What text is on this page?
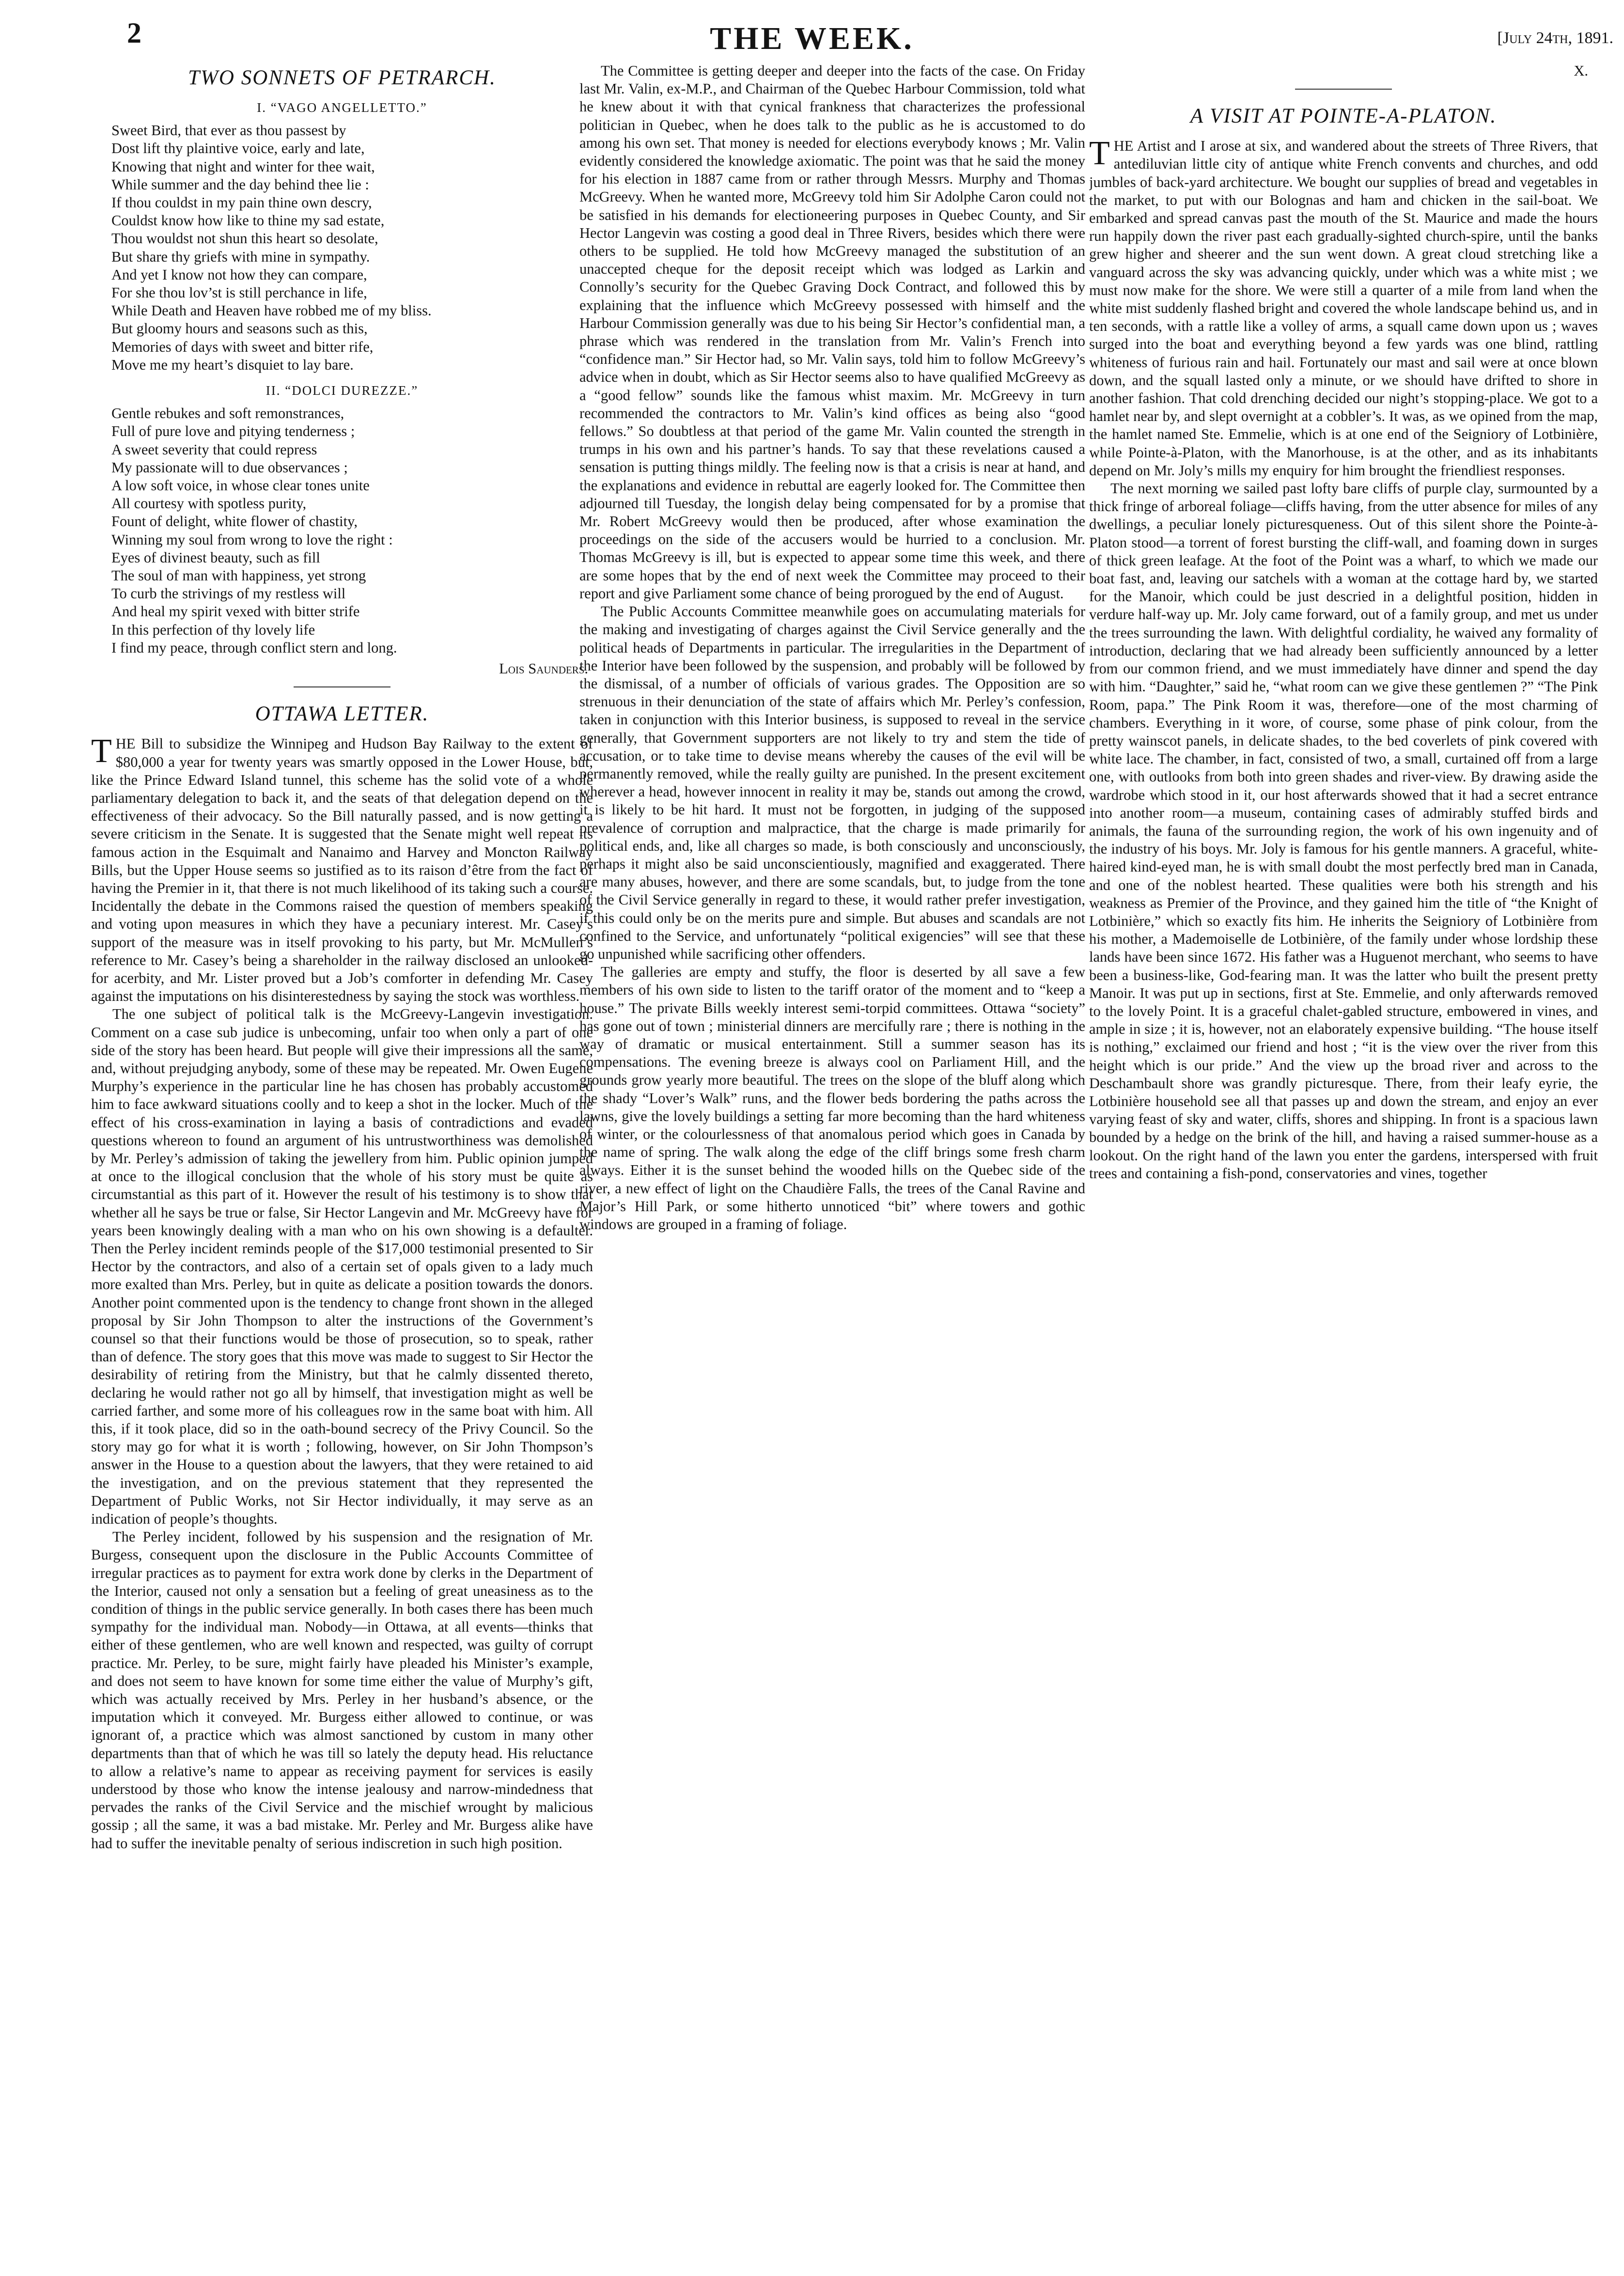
2	THE WEEK.	[July 24th, 1891.
TWO SONNETS OF PETRARCH.
I. “VAGO ANGELLETTO.”
Sweet Bird, that ever as thou passest by
Dost lift thy plaintive voice, early and late,
Knowing that night and winter for thee wait,
While summer and the day behind thee lie :
If thou couldst in my pain thine own descry,
Couldst know how like to thine my sad estate,
Thou wouldst not shun this heart so desolate,
But share thy griefs with mine in sympathy.
And yet I know not how they can compare,
For she thou lov’st is still perchance in life,
While Death and Heaven have robbed me of my bliss.
But gloomy hours and seasons such as this,
Memories of days with sweet and bitter rife,
Move me my heart’s disquiet to lay bare.
II. “DOLCI DUREZZE.”
Gentle rebukes and soft remonstrances,
Full of pure love and pitying tenderness ;
A sweet severity that could repress
My passionate will to due observances ;
A low soft voice, in whose clear tones unite
All courtesy with spotless purity,
Fount of delight, white flower of chastity,
Winning my soul from wrong to love the right :
Eyes of divinest beauty, such as fill
The soul of man with happiness, yet strong
To curb the strivings of my restless will
And heal my spirit vexed with bitter strife
In this perfection of thy lovely life
I find my peace, through conflict stern and long.
Lois Saunders.
OTTAWA LETTER.

THE Bill to subsidize the Winnipeg and Hudson Bay Railway to the extent of $80,000 a year for twenty years was smartly opposed in the Lower House, but, like the Prince Edward Island tunnel, this scheme has the solid vote of a whole parliamentary delegation to back it, and the seats of that delegation depend on the effectiveness of their advocacy. So the Bill naturally passed, and is now getting a severe criticism in the Senate. It is suggested that the Senate might well repeat its famous action in the Esquimalt and Nanaimo and Harvey and Moncton Railway Bills, but the Upper House seems so justified as to its raison d’être from the fact of having the Premier in it, that there is not much likelihood of its taking such a course. Incidentally the debate in the Commons raised the question of members speaking and voting upon measures in which they have a pecuniary interest. Mr. Casey’s support of the measure was in itself provoking to his party, but Mr. McMullen’s reference to Mr. Casey’s being a shareholder in the railway disclosed an unlooked-for acerbity, and Mr. Lister proved but a Job’s comforter in defending Mr. Casey against the imputations on his disinterestedness by saying the stock was worthless.

The one subject of political talk is the McGreevy-Langevin investigation. Comment on a case sub judice is unbecoming, unfair too when only a part of one side of the story has been heard. But people will give their impressions all the same, and, without prejudging anybody, some of these may be repeated. Mr. Owen Eugene Murphy’s experience in the particular line he has chosen has probably accustomed him to face awkward situations coolly and to keep a shot in the locker. Much of the effect of his cross-examination in laying a basis of contradictions and evaded questions whereon to found an argument of his untrustworthiness was demolished by Mr. Perley’s admission of taking the jewellery from him. Public opinion jumped at once to the illogical conclusion that the whole of his story must be quite as circumstantial as this part of it. However the result of his testimony is to show that whether all he says be true or false, Sir Hector Langevin and Mr. McGreevy have for years been knowingly dealing with a man who on his own showing is a defaulter. Then the Perley incident reminds people of the $17,000 testimonial presented to Sir Hector by the contractors, and also of a certain set of opals given to a lady much more exalted than Mrs. Perley, but in quite as delicate a position towards the donors. Another point commented upon is the tendency to change front shown in the alleged proposal by Sir John Thompson to alter the instructions of the Government’s counsel so that their functions would be those of prosecution, so to speak, rather than of defence. The story goes that this move was made to suggest to Sir Hector the desirability of retiring from the Ministry, but that he calmly dissented thereto, declaring he would rather not go all by himself, that investigation might as well be carried farther, and some more of his colleagues row in the same boat with him. All this, if it took place, did so in the oath-bound secrecy of the Privy Council. So the story may go for what it is worth ; following, however, on Sir John Thompson’s answer in the House to a question about the lawyers, that they were retained to aid the investigation, and on the previous statement that they represented the Department of Public Works, not Sir Hector individually, it may serve as an indication of people’s thoughts.

The Perley incident, followed by his suspension and the resignation of Mr. Burgess, consequent upon the disclosure in the Public Accounts Committee of irregular practices as to payment for extra work done by clerks in the Department of the Interior, caused not only a sensation but a feeling of great uneasiness as to the condition of things in the public service generally. In both cases there has been much sympathy for the individual man. Nobody—in Ottawa, at all events—thinks that either of these gentlemen, who are well known and respected, was guilty of corrupt practice. Mr. Perley, to be sure, might fairly have pleaded his Minister’s example, and does not seem to have known for some time either the value of Murphy’s gift, which was actually received by Mrs. Perley in her husband’s absence, or the imputation which it conveyed. Mr. Burgess either allowed to continue, or was ignorant of, a practice which was almost sanctioned by custom in many other departments than that of which he was till so lately the deputy head. His reluctance to allow a relative’s name to appear as receiving payment for services is easily understood by those who know the intense jealousy and narrow-mindedness that pervades the ranks of the Civil Service and the mischief wrought by malicious gossip ; all the same, it was a bad mistake. Mr. Perley and Mr. Burgess alike have had to suffer the inevitable penalty of serious indiscretion in such high position.

The Committee is getting deeper and deeper into the facts of the case. On Friday last Mr. Valin, ex-M.P., and Chairman of the Quebec Harbour Commission, told what he knew about it with that cynical frankness that characterizes the professional politician in Quebec, when he does talk to the public as he is accustomed to do among his own set. That money is needed for elections everybody knows ; Mr. Valin evidently considered the knowledge axiomatic. The point was that he said the money for his election in 1887 came from or rather through Messrs. Murphy and Thomas McGreevy. When he wanted more, McGreevy told him Sir Adolphe Caron could not be satisfied in his demands for electioneering purposes in Quebec County, and Sir Hector Langevin was costing a good deal in Three Rivers, besides which there were others to be supplied. He told how McGreevy managed the substitution of an unaccepted cheque for the deposit receipt which was lodged as Larkin and Connolly’s security for the Quebec Graving Dock Contract, and followed this by explaining that the influence which McGreevy possessed with himself and the Harbour Commission generally was due to his being Sir Hector’s confidential man, a phrase which was rendered in the translation from Mr. Valin’s French into “confidence man.” Sir Hector had, so Mr. Valin says, told him to follow McGreevy’s advice when in doubt, which as Sir Hector seems also to have qualified McGreevy as a “good fellow” sounds like the famous whist maxim. Mr. McGreevy in turn recommended the contractors to Mr. Valin’s kind offices as being also “good fellows.” So doubtless at that period of the game Mr. Valin counted the strength in trumps in his own and his partner’s hands. To say that these revelations caused a sensation is putting things mildly. The feeling now is that a crisis is near at hand, and the explanations and evidence in rebuttal are eagerly looked for. The Committee then adjourned till Tuesday, the longish delay being compensated for by a promise that Mr. Robert McGreevy would then be produced, after whose examination the proceedings on the side of the accusers would be hurried to a conclusion. Mr. Thomas McGreevy is ill, but is expected to appear some time this week, and there are some hopes that by the end of next week the Committee may proceed to their report and give Parliament some chance of being prorogued by the end of August.

The Public Accounts Committee meanwhile goes on accumulating materials for the making and investigating of charges against the Civil Service generally and the political heads of Departments in particular. The irregularities in the Department of the Interior have been followed by the suspension, and probably will be followed by the dismissal, of a number of officials of various grades. The Opposition are so strenuous in their denunciation of the state of affairs which Mr. Perley’s confession, taken in conjunction with this Interior business, is supposed to reveal in the service generally, that Government supporters are not likely to try and stem the tide of accusation, or to take time to devise means whereby the causes of the evil will be permanently removed, while the really guilty are punished. In the present excitement wherever a head, however innocent in reality it may be, stands out among the crowd, it is likely to be hit hard. It must not be forgotten, in judging of the supposed prevalence of corruption and malpractice, that the charge is made primarily for political ends, and, like all charges so made, is both consciously and unconsciously, perhaps it might also be said unconscientiously, magnified and exaggerated. There are many abuses, however, and there are some scandals, but, to judge from the tone of the Civil Service generally in regard to these, it would rather prefer investigation, if this could only be on the merits pure and simple. But abuses and scandals are not confined to the Service, and unfortunately “political exigencies” will see that these go unpunished while sacrificing other offenders.

The galleries are empty and stuffy, the floor is deserted by all save a few members of his own side to listen to the tariff orator of the moment and to “keep a house.” The private Bills weekly interest semi-torpid committees. Ottawa “society” has gone out of town ; ministerial dinners are mercifully rare ; there is nothing in the way of dramatic or musical entertainment. Still a summer season has its compensations. The evening breeze is always cool on Parliament Hill, and the grounds grow yearly more beautiful. The trees on the slope of the bluff along which the shady “Lover’s Walk” runs, and the flower beds bordering the paths across the lawns, give the lovely buildings a setting far more becoming than the hard whiteness of winter, or the colourlessness of that anomalous period which goes in Canada by the name of spring. The walk along the edge of the cliff brings some fresh charm always. Either it is the sunset behind the wooded hills on the Quebec side of the river, a new effect of light on the Chaudière Falls, the trees of the Canal Ravine and Major’s Hill Park, or some hitherto unnoticed “bit” where towers and gothic windows are grouped in a framing of foliage.

X.
A VISIT AT POINTE-A-PLATON.

THE Artist and I arose at six, and wandered about the streets of Three Rivers, that antediluvian little city of antique white French convents and churches, and odd jumbles of back-yard architecture. We bought our supplies of bread and vegetables in the market, to put with our Bolognas and ham and chicken in the sail-boat. We embarked and spread canvas past the mouth of the St. Maurice and made the hours run happily down the river past each gradually-sighted church-spire, until the banks grew higher and sheerer and the sun went down. A great cloud stretching like a vanguard across the sky was advancing quickly, under which was a white mist ; we must now make for the shore. We were still a quarter of a mile from land when the white mist suddenly flashed bright and covered the whole landscape behind us, and in ten seconds, with a rattle like a volley of arms, a squall came down upon us ; waves surged into the boat and everything beyond a few yards was one blind, rattling whiteness of furious rain and hail. Fortunately our mast and sail were at once blown down, and the squall lasted only a minute, or we should have drifted to shore in another fashion. That cold drenching decided our night’s stopping-place. We got to a hamlet near by, and slept overnight at a cobbler’s. It was, as we opined from the map, the hamlet named Ste. Emmelie, which is at one end of the Seigniory of Lotbinière, while Pointe-à-Platon, with the Manorhouse, is at the other, and as its inhabitants depend on Mr. Joly’s mills my enquiry for him brought the friendliest responses.

The next morning we sailed past lofty bare cliffs of purple clay, surmounted by a thick fringe of arboreal foliage—cliffs having, from the utter absence for miles of any dwellings, a peculiar lonely picturesqueness. Out of this silent shore the Pointe-à-Platon stood—a torrent of forest bursting the cliff-wall, and foaming down in surges of thick green leafage. At the foot of the Point was a wharf, to which we made our boat fast, and, leaving our satchels with a woman at the cottage hard by, we started for the Manoir, which could be just descried in a delightful position, hidden in verdure half-way up. Mr. Joly came forward, out of a family group, and met us under the trees surrounding the lawn. With delightful cordiality, he waived any formality of introduction, declaring that we had already been sufficiently announced by a letter from our common friend, and we must immediately have dinner and spend the day with him. “Daughter,” said he, “what room can we give these gentlemen ?” “The Pink Room, papa.” The Pink Room it was, therefore—one of the most charming of chambers. Everything in it wore, of course, some phase of pink colour, from the pretty wainscot panels, in delicate shades, to the bed coverlets of pink covered with white lace. The chamber, in fact, consisted of two, a small, curtained off from a large one, with outlooks from both into green shades and river-view. By drawing aside the wardrobe which stood in it, our host afterwards showed that it had a secret entrance into another room—a museum, containing cases of admirably stuffed birds and animals, the fauna of the surrounding region, the work of his own ingenuity and of the industry of his boys. Mr. Joly is famous for his gentle manners. A graceful, white-haired kind-eyed man, he is with small doubt the most perfectly bred man in Canada, and one of the noblest hearted. These qualities were both his strength and his weakness as Premier of the Province, and they gained him the title of “the Knight of Lotbinière,” which so exactly fits him. He inherits the Seigniory of Lotbinière from his mother, a Mademoiselle de Lotbinière, of the family under whose lordship these lands have been since 1672. His father was a Huguenot merchant, who seems to have been a business-like, God-fearing man. It was the latter who built the present pretty Manoir. It was put up in sections, first at Ste. Emmelie, and only afterwards removed to the lovely Point. It is a graceful chalet-gabled structure, embowered in vines, and ample in size ; it is, however, not an elaborately expensive building. “The house itself is nothing,” exclaimed our friend and host ; “it is the view over the river from this height which is our pride.” And the view up the broad river and across to the Deschambault shore was grandly picturesque. There, from their leafy eyrie, the Lotbinière household see all that passes up and down the stream, and enjoy an ever varying feast of sky and water, cliffs, shores and shipping. In front is a spacious lawn bounded by a hedge on the brink of the hill, and having a raised summer-house as a lookout. On the right hand of the lawn you enter the gardens, interspersed with fruit trees and containing a fish-pond, conservatories and vines, together
